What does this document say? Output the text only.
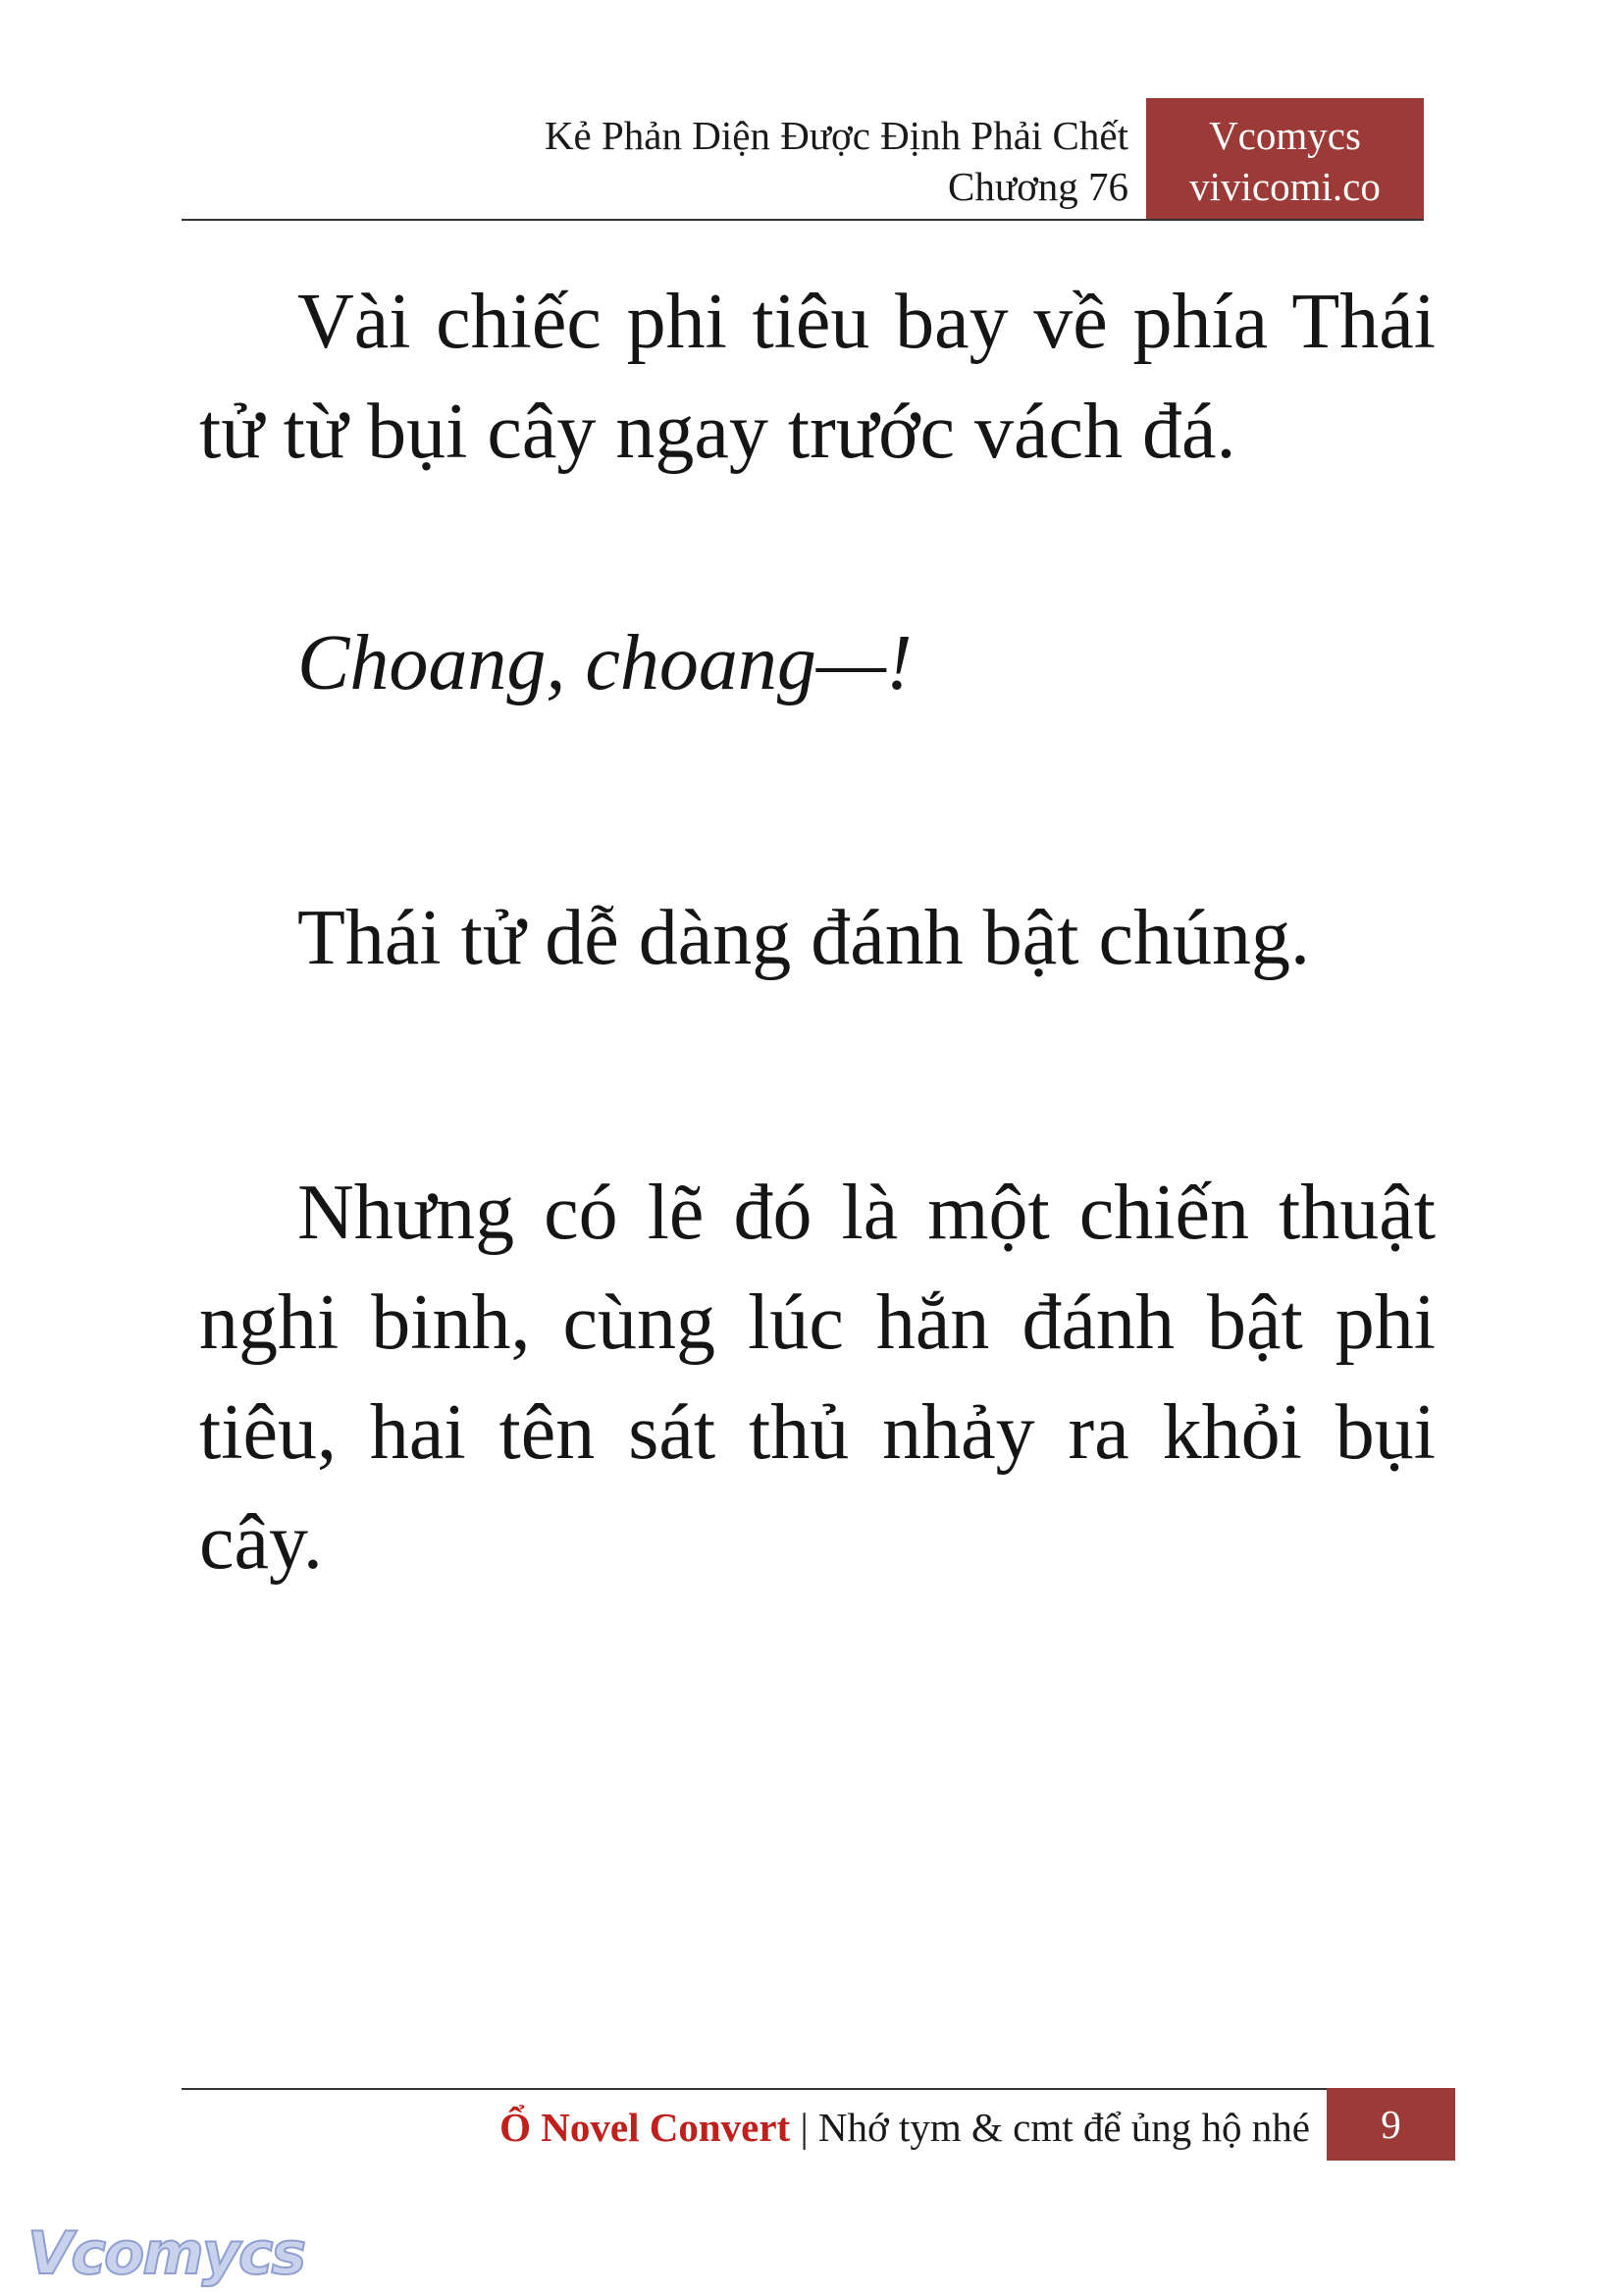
Kẻ Phản Diện Được Định Phải Chết
Chương 76
Vcomycs
vivicomi.co

Vài chiếc phi tiêu bay về phía Thái tử từ bụi cây ngay trước vách đá.

Choang, choang—!

Thái tử dễ dàng đánh bật chúng.

Nhưng có lẽ đó là một chiến thuật nghi binh, cùng lúc hắn đánh bật phi tiêu, hai tên sát thủ nhảy ra khỏi bụi cây.

Ổ Novel Convert | Nhớ tym & cmt để ủng hộ nhé	9
Vcomycs
